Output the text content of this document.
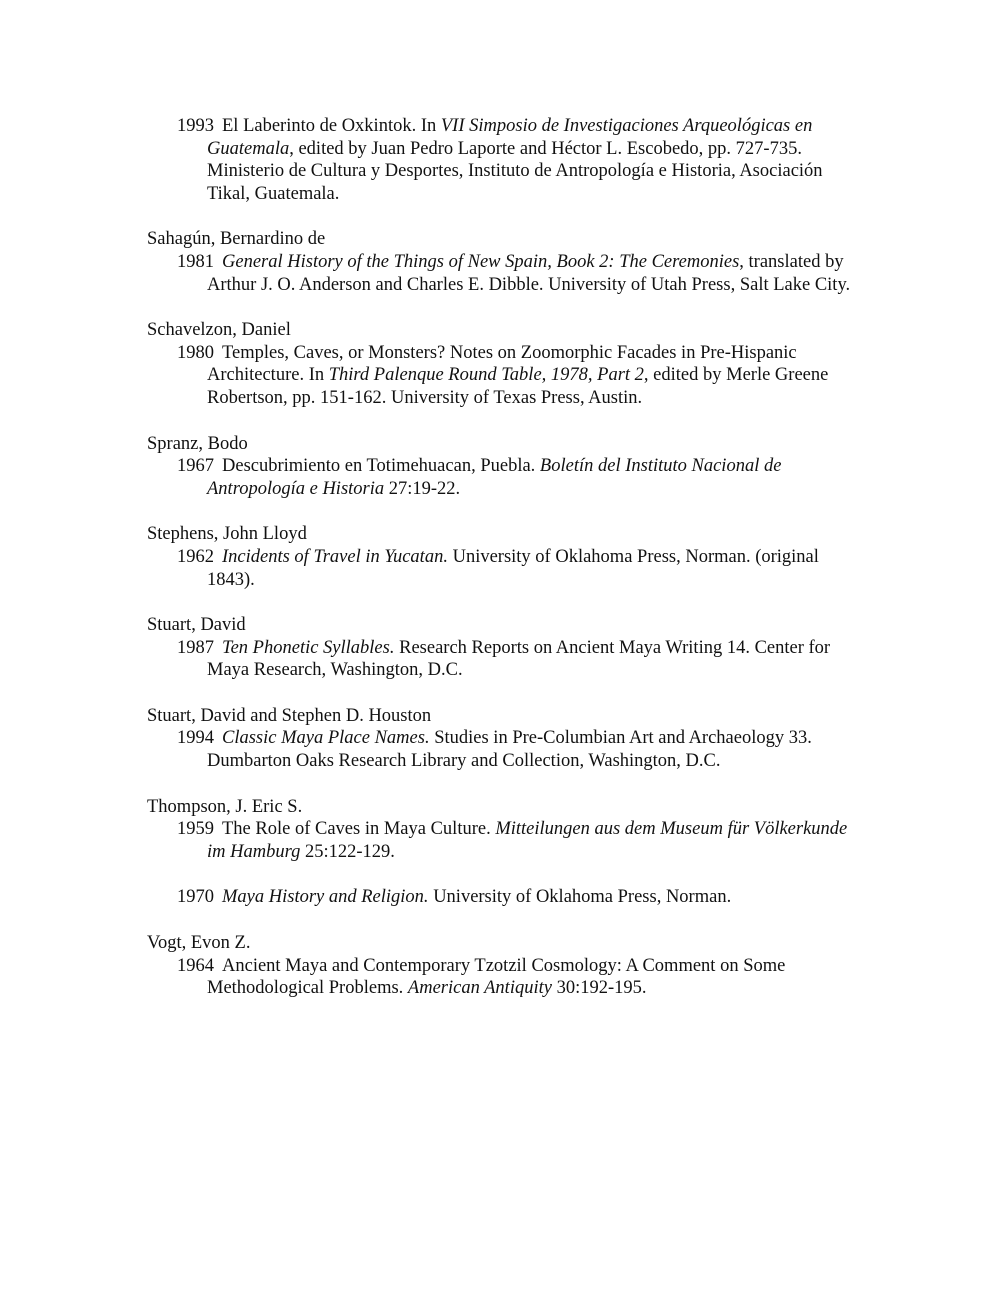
1993 El Laberinto de Oxkintok. In VII Simposio de Investigaciones Arqueológicas en Guatemala, edited by Juan Pedro Laporte and Héctor L. Escobedo, pp. 727-735. Ministerio de Cultura y Desportes, Instituto de Antropología e Historia, Asociación Tikal, Guatemala.

Sahagún, Bernardino de

1981 General History of the Things of New Spain, Book 2: The Ceremonies, translated by Arthur J. O. Anderson and Charles E. Dibble. University of Utah Press, Salt Lake City.

Schavelzon, Daniel

1980 Temples, Caves, or Monsters? Notes on Zoomorphic Facades in Pre-Hispanic Architecture. In Third Palenque Round Table, 1978, Part 2, edited by Merle Greene Robertson, pp. 151-162. University of Texas Press, Austin.

Spranz, Bodo

1967 Descubrimiento en Totimehuacan, Puebla. Boletín del Instituto Nacional de Antropología e Historia 27:19-22.

Stephens, John Lloyd

1962 Incidents of Travel in Yucatan. University of Oklahoma Press, Norman. (original 1843).

Stuart, David

1987 Ten Phonetic Syllables. Research Reports on Ancient Maya Writing 14. Center for Maya Research, Washington, D.C.

Stuart, David and Stephen D. Houston

1994 Classic Maya Place Names. Studies in Pre-Columbian Art and Archaeology 33. Dumbarton Oaks Research Library and Collection, Washington, D.C.

Thompson, J. Eric S.

1959 The Role of Caves in Maya Culture. Mitteilungen aus dem Museum für Völkerkunde im Hamburg 25:122-129.

1970 Maya History and Religion. University of Oklahoma Press, Norman.

Vogt, Evon Z.

1964 Ancient Maya and Contemporary Tzotzil Cosmology: A Comment on Some Methodological Problems. American Antiquity 30:192-195.
